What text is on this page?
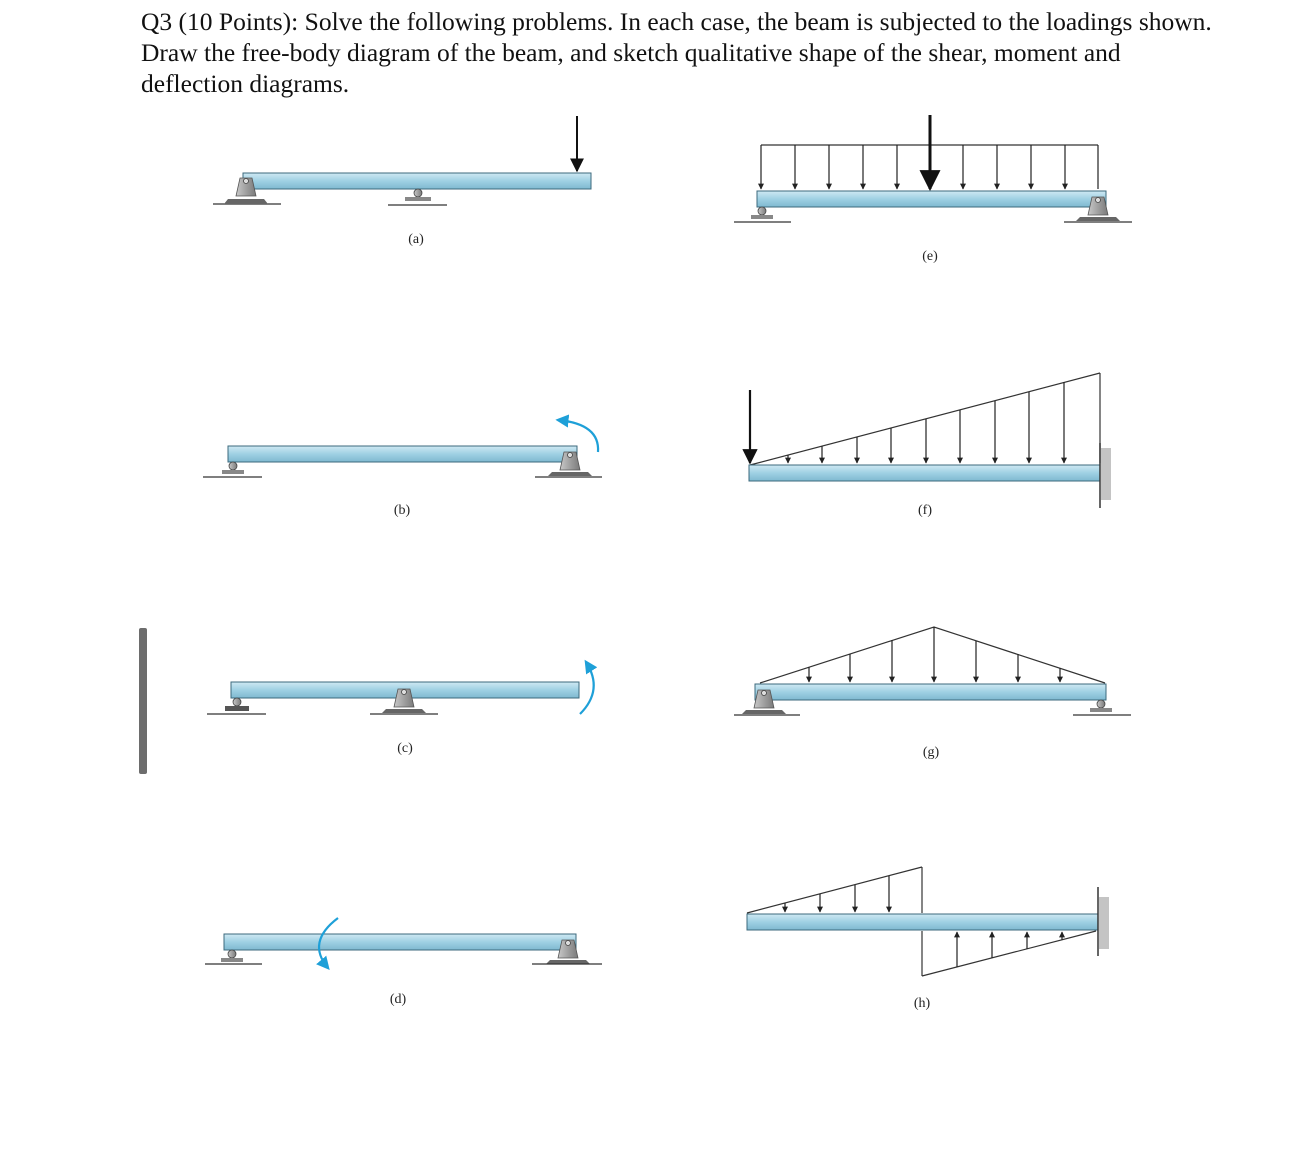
Q3 (10 Points): Solve the following problems. In each case, the beam is subjected to the loadings shown. Draw the free-body diagram of the beam, and sketch qualitative shape of the shear, moment and deflection diagrams.

(a)
(b)
(c)
(d)
(e)
(f)
(g)
(h)
